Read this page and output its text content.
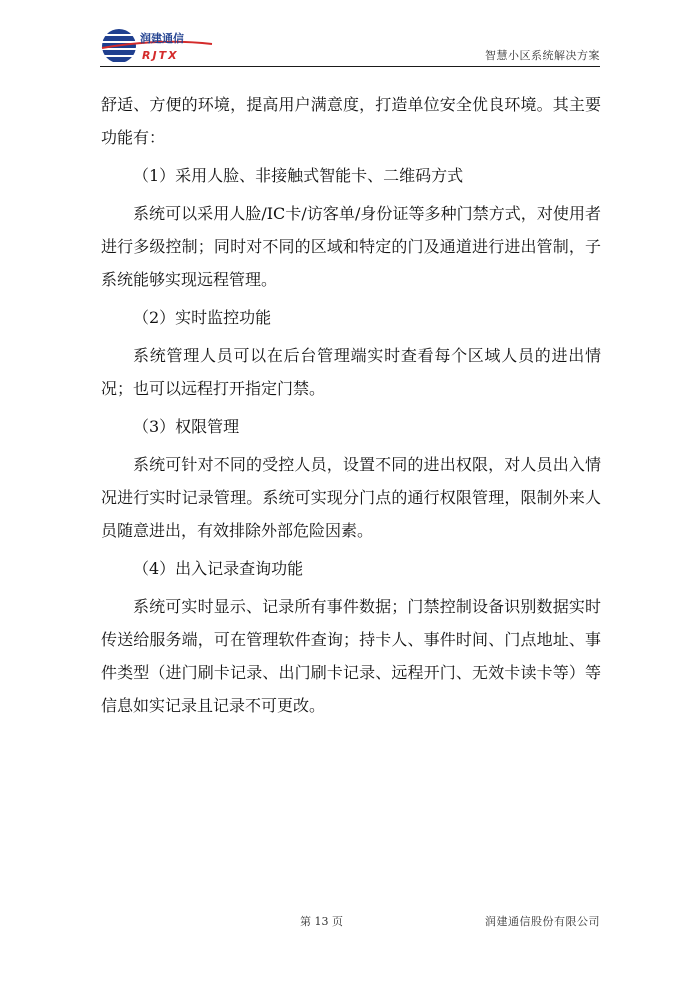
润建通信
RJTX	智慧小区系统解决方案

舒适、方便的环境，提高用户满意度，打造单位安全优良环境。其主要功能有：

（1）采用人脸、非接触式智能卡、二维码方式

系统可以采用人脸/IC卡/访客单/身份证等多种门禁方式，对使用者进行多级控制；同时对不同的区域和特定的门及通道进行进出管制，子系统能够实现远程管理。

（2）实时监控功能

系统管理人员可以在后台管理端实时查看每个区域人员的进出情况；也可以远程打开指定门禁。

（3）权限管理

系统可针对不同的受控人员，设置不同的进出权限，对人员出入情况进行实时记录管理。系统可实现分门点的通行权限管理，限制外来人员随意进出，有效排除外部危险因素。

（4）出入记录查询功能

系统可实时显示、记录所有事件数据；门禁控制设备识别数据实时传送给服务端，可在管理软件查询；持卡人、事件时间、门点地址、事件类型（进门刷卡记录、出门刷卡记录、远程开门、无效卡读卡等）等信息如实记录且记录不可更改。

第 13 页	润建通信股份有限公司
